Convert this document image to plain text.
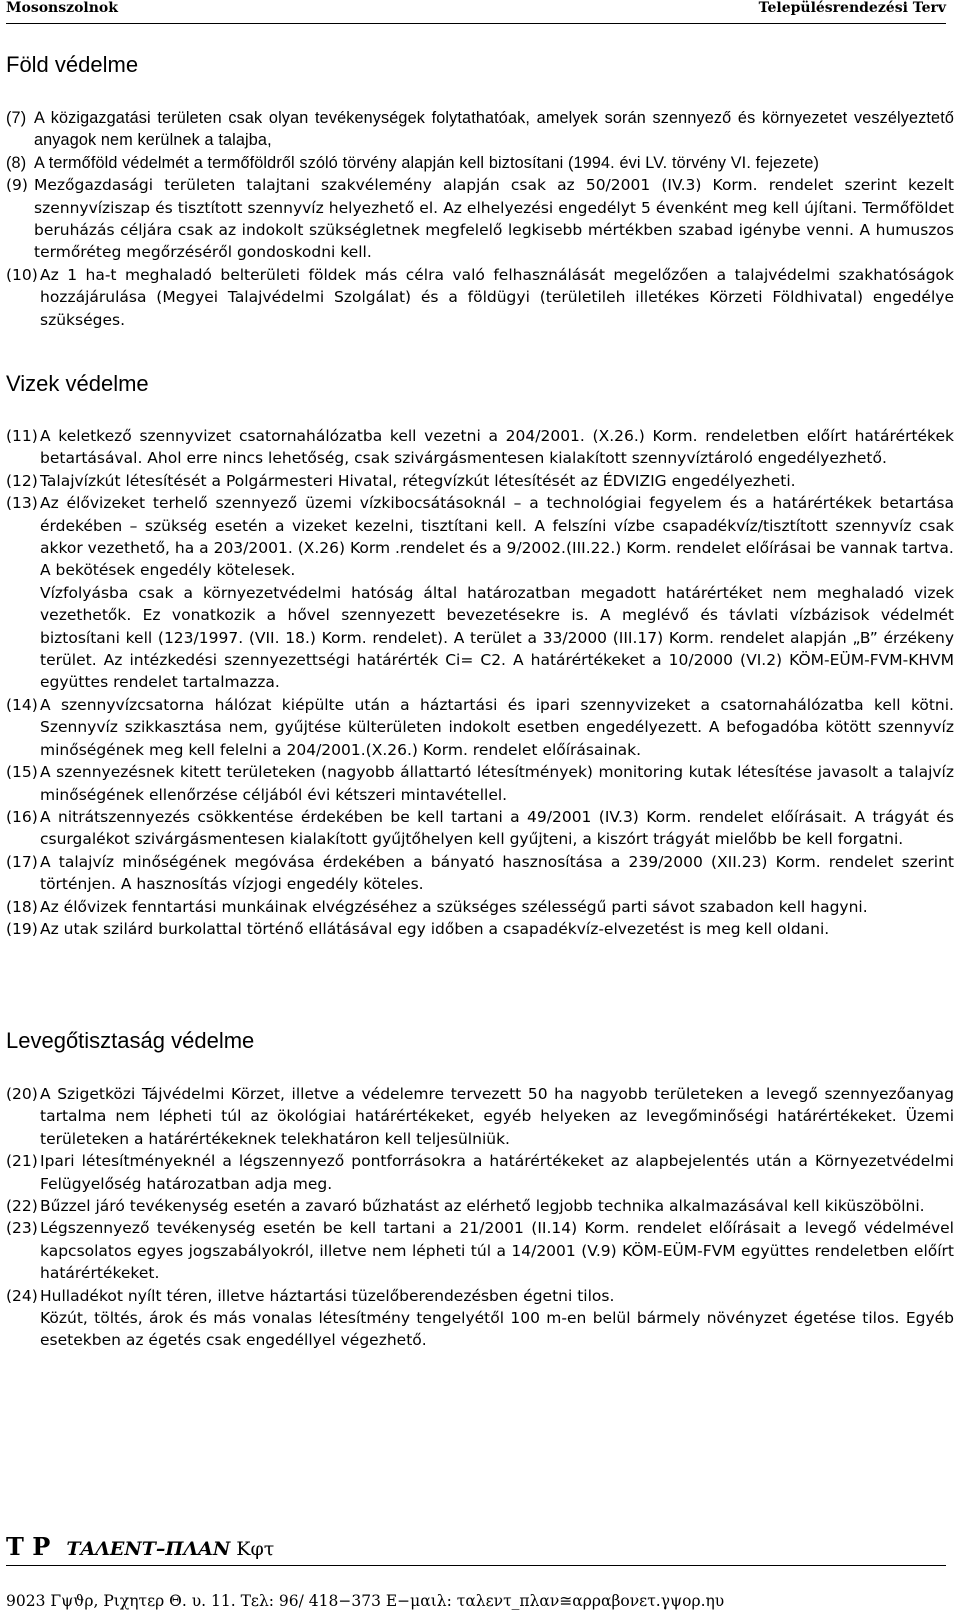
Mosonszolnok	Településrendezési Terv
Föld védelme
(7) A közigazgatási területen csak olyan tevékenységek folytathatóak, amelyek során szennyező és környezetet veszélyeztető anyagok nem kerülnek a talajba,
(8) A termőföld védelmét a termőföldről szóló törvény alapján kell biztosítani (1994. évi LV. törvény VI. fejezete)
(9) Mezőgazdasági területen talajtani szakvélemény alapján csak az 50/2001 (IV.3) Korm. rendelet szerint kezelt szennyvíziszap és tisztított szennyvíz helyezhető el. Az elhelyezési engedélyt 5 évenként meg kell újítani. Termőföldet beruházás céljára csak az indokolt szükségletnek megfelelő legkisebb mértékben szabad igénybe venni. A humuszos termőréteg megőrzéséről gondoskodni kell.
(10) Az 1 ha-t meghaladó belterületi földek más célra való felhasználását megelőzően a talajvédelmi szakhatóságok hozzájárulása (Megyei Talajvédelmi Szolgálat) és a földügyi (területileh illetékes Körzeti Földhivatal) engedélye szükséges.
Vizek védelme
(11) A keletkező szennyvizet csatornahálózatba kell vezetni a 204/2001. (X.26.) Korm. rendeletben előírt határértékek betartásával. Ahol erre nincs lehetőség, csak szivárgásmentesen kialakított szennyvíztároló engedélyezhető.
(12) Talajvízkút létesítését a Polgármesteri Hivatal, rétegvízkút létesítését az ÉDVIZIG engedélyezheti.
(13) Az élővizeket terhelő szennyező üzemi vízkibocsátásoknál – a technológiai fegyelem és a határértékek betartása érdekében – szükség esetén a vizeket kezelni, tisztítani kell. A felszíni vízbe csapadékvíz/tisztított szennyvíz csak akkor vezethető, ha a 203/2001. (X.26) Korm .rendelet és a 9/2002.(III.22.) Korm. rendelet előírásai be vannak tartva.
A bekötések engedély kötelesek.
Vízfolyásba csak a környezetvédelmi hatóság által határozatban megadott határértéket nem meghaladó vizek vezethetők. Ez vonatkozik a hővel szennyezett bevezetésekre is. A meglévő és távlati vízbázisok védelmét biztosítani kell (123/1997. (VII. 18.) Korm. rendelet). A terület a 33/2000 (III.17) Korm. rendelet alapján „B” érzékeny terület. Az intézkedési szennyezettségi határérték Ci= C2. A határértékeket a 10/2000 (VI.2) KÖM-EÜM-FVM-KHVM együttes rendelet tartalmazza.
(14) A szennyvízcsatorna hálózat kiépülte után a háztartási és ipari szennyvizeket a csatornahálózatba kell kötni. Szennyvíz szikkasztása nem, gyűjtése külterületen indokolt esetben engedélyezett. A befogadóba kötött szennyvíz minőségének meg kell felelni a 204/2001.(X.26.) Korm. rendelet előírásainak.
(15) A szennyezésnek kitett területeken (nagyobb állattartó létesítmények) monitoring kutak létesítése javasolt a talajvíz minőségének ellenőrzése céljából évi kétszeri mintavétellel.
(16) A nitrátszennyezés csökkentése érdekében be kell tartani a 49/2001 (IV.3) Korm. rendelet előírásait. A trágyát és csurgalékot szivárgásmentesen kialakított gyűjtőhelyen kell gyűjteni, a kiszórt trágyát mielőbb be kell forgatni.
(17) A talajvíz minőségének megóvása érdekében a bányató hasznosítása a 239/2000 (XII.23) Korm. rendelet szerint történjen. A hasznosítás vízjogi engedély köteles.
(18) Az élővizek fenntartási munkáinak elvégzéséhez a szükséges szélességű parti sávot szabadon kell hagyni.
(19) Az utak szilárd burkolattal történő ellátásával egy időben a csapadékvíz-elvezetést is meg kell oldani.
Levegőtisztaság védelme
(20) A Szigetközi Tájvédelmi Körzet, illetve a védelemre tervezett 50 ha nagyobb területeken a levegő szennyezőanyag tartalma nem lépheti túl az ökológiai határértékeket, egyéb helyeken az levegőminőségi határértékeket. Üzemi területeken a határértékeknek telekhatáron kell teljesülniük.
(21) Ipari létesítményeknél a légszennyező pontforrásokra a határértékeket az alapbejelentés után a Környezetvédelmi Felügyelőség határozatban adja meg.
(22) Bűzzel járó tevékenység esetén a zavaró bűzhatást az elérhető legjobb technika alkalmazásával kell kiküszöbölni.
(23) Légszennyező tevékenység esetén be kell tartani a 21/2001 (II.14) Korm. rendelet előírásait a levegő védelmével kapcsolatos egyes jogszabályokról, illetve nem lépheti túl a 14/2001 (V.9) KÖM-EÜM-FVM együttes rendeletben előírt határértékeket.
(24) Hulladékot nyílt téren, illetve háztartási tüzelőberendezésben égetni tilos.
Közút, töltés, árok és más vonalas létesítmény tengelyétől 100 m-en belül bármely növényzet égetése tilos. Egyéb esetekben az égetés csak engedéllyel végezhető.
T P ΤΑΛΕΝΤ–ΠΛΑΝ Κφτ
9023 Γψϑρ, Ριχητερ Θ. υ. 11. Τελ: 96/ 418−373 Ε−μαιλ: ταλεντ_πλαν≅αρραβονετ.γψορ.ηυ
